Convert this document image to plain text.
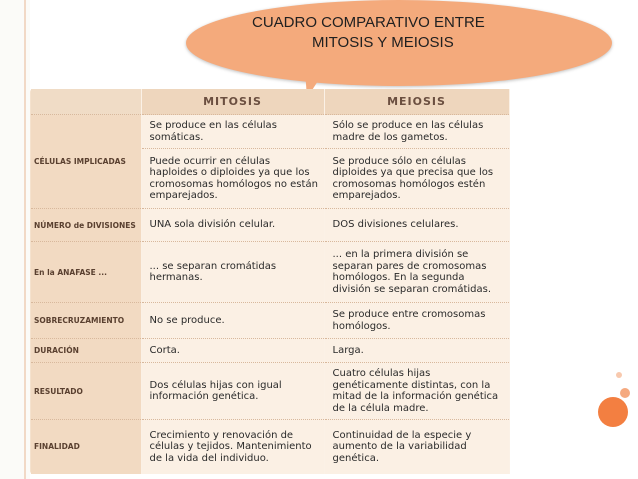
CUADRO COMPARATIVO ENTRE
MITOSIS Y MEIOSIS
	MITOSIS	MEIOSIS
CÉLULAS IMPLICADAS	Se produce en las células somáticas.	Sólo se produce en las células madre de los gametos.

	Puede ocurrir en células haploides o diploides ya que los cromosomas homólogos no están emparejados.	Se produce sólo en células diploides ya que precisa que los cromosomas homólogos estén emparejados.

NÚMERO de DIVISIONES	UNA sola división celular.	DOS divisiones celulares.

En la ANAFASE ...	... se separan cromátidas hermanas.	... en la primera división se separan pares de cromosomas homólogos. En la segunda división se separan cromátidas.

SOBRECRUZAMIENTO	No se produce.	Se produce entre cromosomas homólogos.

DURACIÓN	Corta.	Larga.

RESULTADO	Dos células hijas con igual información genética.	Cuatro células hijas genéticamente distintas, con la mitad de la información genética de la célula madre.

FINALIDAD	Crecimiento y renovación de células y tejidos. Mantenimiento de la vida del individuo.	Continuidad de la especie y aumento de la variabilidad genética.
